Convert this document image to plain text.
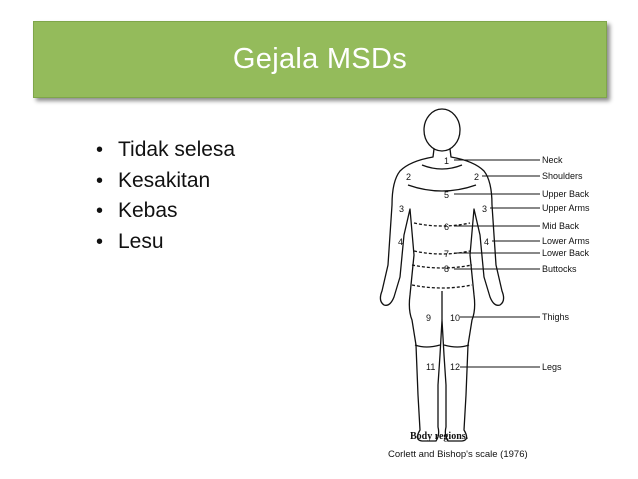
Gejala MSDs
• Tidak selesa
• Kesakitan
• Kebas
• Lesu
1
2	2
3	3
4	4
5
6
7
8
9 10
11 12
Neck
Shoulders
Upper Back
Upper Arms
Mid Back
Lower Arms
Lower Back
Buttocks
Thighs
Legs
Body regions.
Corlett and Bishop's scale (1976)
